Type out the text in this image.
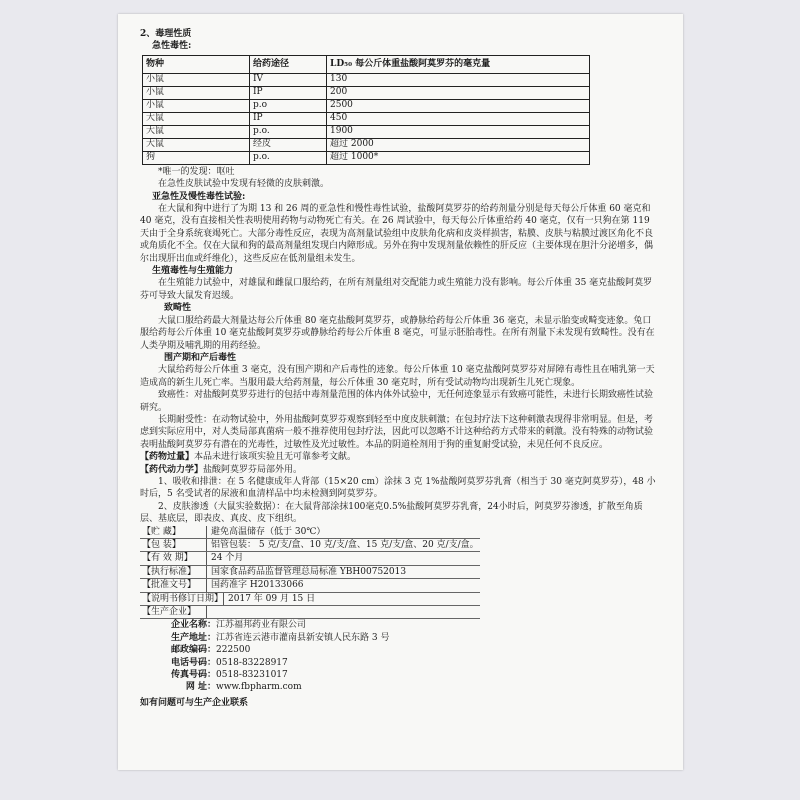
2、毒理性质

急性毒性:

物种	给药途径	LD₅₀ 每公斤体重盐酸阿莫罗芬的毫克量
小鼠	IV	130
小鼠	IP	200
小鼠	p.o	2500
大鼠	IP	450
大鼠	p.o.	1900
大鼠	经皮	超过 2000
狗	p.o.	超过 1000*

*唯一的发现：呕吐

在急性皮肤试验中发现有轻微的皮肤刺激。

亚急性及慢性毒性试验:

在大鼠和狗中进行了为期 13 和 26 周的亚急性和慢性毒性试验，盐酸阿莫罗芬的给药剂量分别是每天每公斤体重 60 毫克和 40 毫克，没有直接相关性表明使用药物与动物死亡有关。在 26 周试验中，每天每公斤体重给药 40 毫克，仅有一只狗在第 119 天由于全身系统衰竭死亡。大部分毒性反应，表现为高剂量试验组中皮肤角化病和皮炎样损害，粘膜、皮肤与粘膜过渡区角化不良或角质化不全。仅在大鼠和狗的最高剂量组发现白内障形成。另外在狗中发现剂量依赖性的肝反应（主要体现在胆汁分泌增多，偶尔出现肝出血或纤维化），这些反应在低剂量组未发生。

生殖毒性与生殖能力

在生殖能力试验中，对雄鼠和雌鼠口服给药，在所有剂量组对交配能力或生殖能力没有影响。每公斤体重 35 毫克盐酸阿莫罗芬可导致大鼠发育迟缓。

致畸性

大鼠口服给药最大剂量达每公斤体重 80 毫克盐酸阿莫罗芬，或静脉给药每公斤体重 36 毫克，未显示胎变或畸变迹象。兔口服给药每公斤体重 10 毫克盐酸阿莫罗芬或静脉给药每公斤体重 8 毫克，可显示胚胎毒性。在所有剂量下未发现有致畸性。没有在人类孕期及哺乳期的用药经验。

围产期和产后毒性

大鼠给药每公斤体重 3 毫克，没有围产期和产后毒性的迹象。每公斤体重 10 毫克盐酸阿莫罗芬对屏障有毒性且在哺乳第一天造成高的新生儿死亡率。当服用最大给药剂量，每公斤体重 30 毫克时，所有受试动物均出现新生儿死亡现象。

致癌性：对盐酸阿莫罗芬进行的包括中毒剂量范围的体内体外试验中，无任何迹象显示有致癌可能性，未进行长期致癌性试验研究。

长期耐受性：在动物试验中，外用盐酸阿莫罗芬观察到轻至中度皮肤刺激；在包封疗法下这种刺激表现得非常明显。但是，考虑到实际应用中，对人类局部真菌病一般不推荐使用包封疗法，因此可以忽略不计这种给药方式带来的刺激。没有特殊的动物试验表明盐酸阿莫罗芬有潜在的光毒性，过敏性及光过敏性。本品的阴道栓剂用于狗的重复耐受试验，未见任何不良反应。

【药物过量】本品未进行该项实验且无可靠参考文献。

【药代动力学】盐酸阿莫罗芬局部外用。

1、吸收和排泄：在 5 名健康成年人背部（15×20 cm）涂抹 3 克 1%盐酸阿莫罗芬乳膏（相当于 30 毫克阿莫罗芬），48 小时后，5 名受试者的尿液和血清样品中均未检测到阿莫罗芬。

2、皮肤渗透（大鼠实验数据）：在大鼠背部涂抹100毫克0.5%盐酸阿莫罗芬乳膏，24小时后，阿莫罗芬渗透，扩散至角质层、基底层，即表皮、真皮、皮下组织。

【贮 藏】	避免高温储存（低于 30℃）
【包 装】	铝管包装： 5 克/支/盒、10 克/支/盒、15 克/支/盒、20 克/支/盒。
【有 效 期】	24 个月
【执行标准】	国家食品药品监督管理总局标准 YBH00752013
【批准文号】	国药准字 H20133066
【说明书修订日期】 2017 年 09 月 15 日
【生产企业】
企业名称： 江苏福邦药业有限公司
生产地址： 江苏省连云港市灌南县新安镇人民东路 3 号
邮政编码： 222500
电话号码： 0518-83228917
传真号码： 0518-83231017
网 址： www.fbpharm.com

如有问题可与生产企业联系
